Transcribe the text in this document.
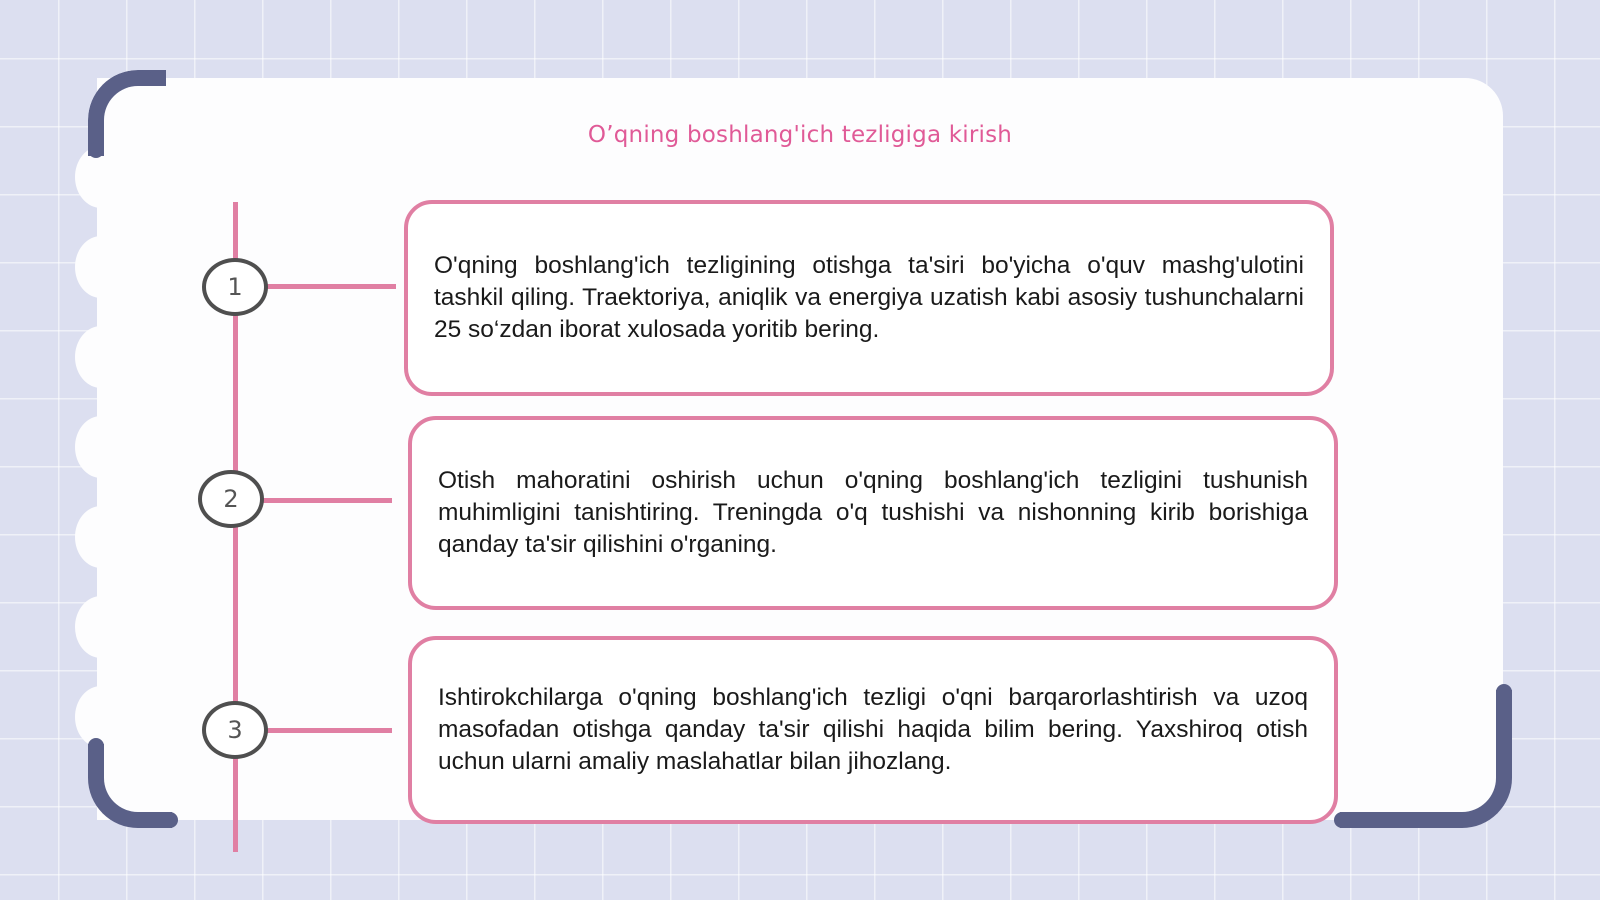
O’qning boshlang'ich tezligiga kirish
1
2
3

O'qning boshlang'ich tezligining otishga ta'siri bo'yicha o'quv mashg'ulotini tashkil qiling. Traektoriya, aniqlik va energiya uzatish kabi asosiy tushunchalarni 25 so‘zdan iborat xulosada yoritib bering.

Otish mahoratini oshirish uchun o'qning boshlang'ich tezligini tushunish muhimligini tanishtiring. Treningda o'q tushishi va nishonning kirib borishiga qanday ta'sir qilishini o'rganing.

Ishtirokchilarga o'qning boshlang'ich tezligi o'qni barqarorlashtirish va uzoq masofadan otishga qanday ta'sir qilishi haqida bilim bering. Yaxshiroq otish uchun ularni amaliy maslahatlar bilan jihozlang.
